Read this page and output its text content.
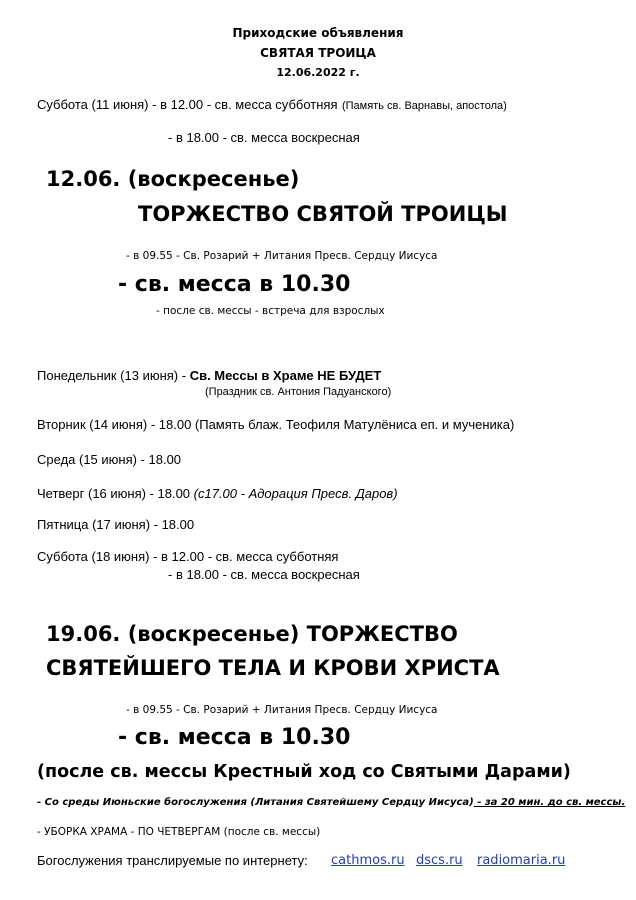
Приходские объявления
СВЯТАЯ ТРОИЦА
12.06.2022 г.
Суббота (11 июня) - в 12.00 - св. месса субботняя (Память св. Варнавы, апостола)
- в 18.00 - св. месса воскресная
12.06. (воскресенье)
ТОРЖЕСТВО СВЯТОЙ ТРОИЦЫ
- в 09.55 - Св. Розарий + Литания Пресв. Сердцу Иисуса
- св. месса в 10.30
- после св. мессы - встреча для взрослых
Понедельник (13 июня) - Св. Мессы в Храме НЕ БУДЕТ
(Праздник св. Антония Падуанского)
Вторник (14 июня) - 18.00 (Память блаж. Теофиля Матулёниса еп. и мученика)
Среда (15 июня) - 18.00
Четверг (16 июня) - 18.00 (с17.00 - Адорация Пресв. Даров)
Пятница (17 июня) - 18.00
Суббота (18 июня) - в 12.00 - св. месса субботняя
- в 18.00 - св. месса воскресная
19.06. (воскресенье) ТОРЖЕСТВО
СВЯТЕЙШЕГО ТЕЛА И КРОВИ ХРИСТА
- в 09.55 - Св. Розарий + Литания Пресв. Сердцу Иисуса
- св. месса в 10.30
(после св. мессы Крестный ход со Святыми Дарами)
- Со среды Июньские богослужения (Литания Святейшему Сердцу Иисуса) - за 20 мин. до св. мессы.
- УБОРКА ХРАМА - ПО ЧЕТВЕРГАМ (после св. мессы)
Богослужения транслируемые по интернету: cathmos.ru dscs.ru radiomaria.ru
